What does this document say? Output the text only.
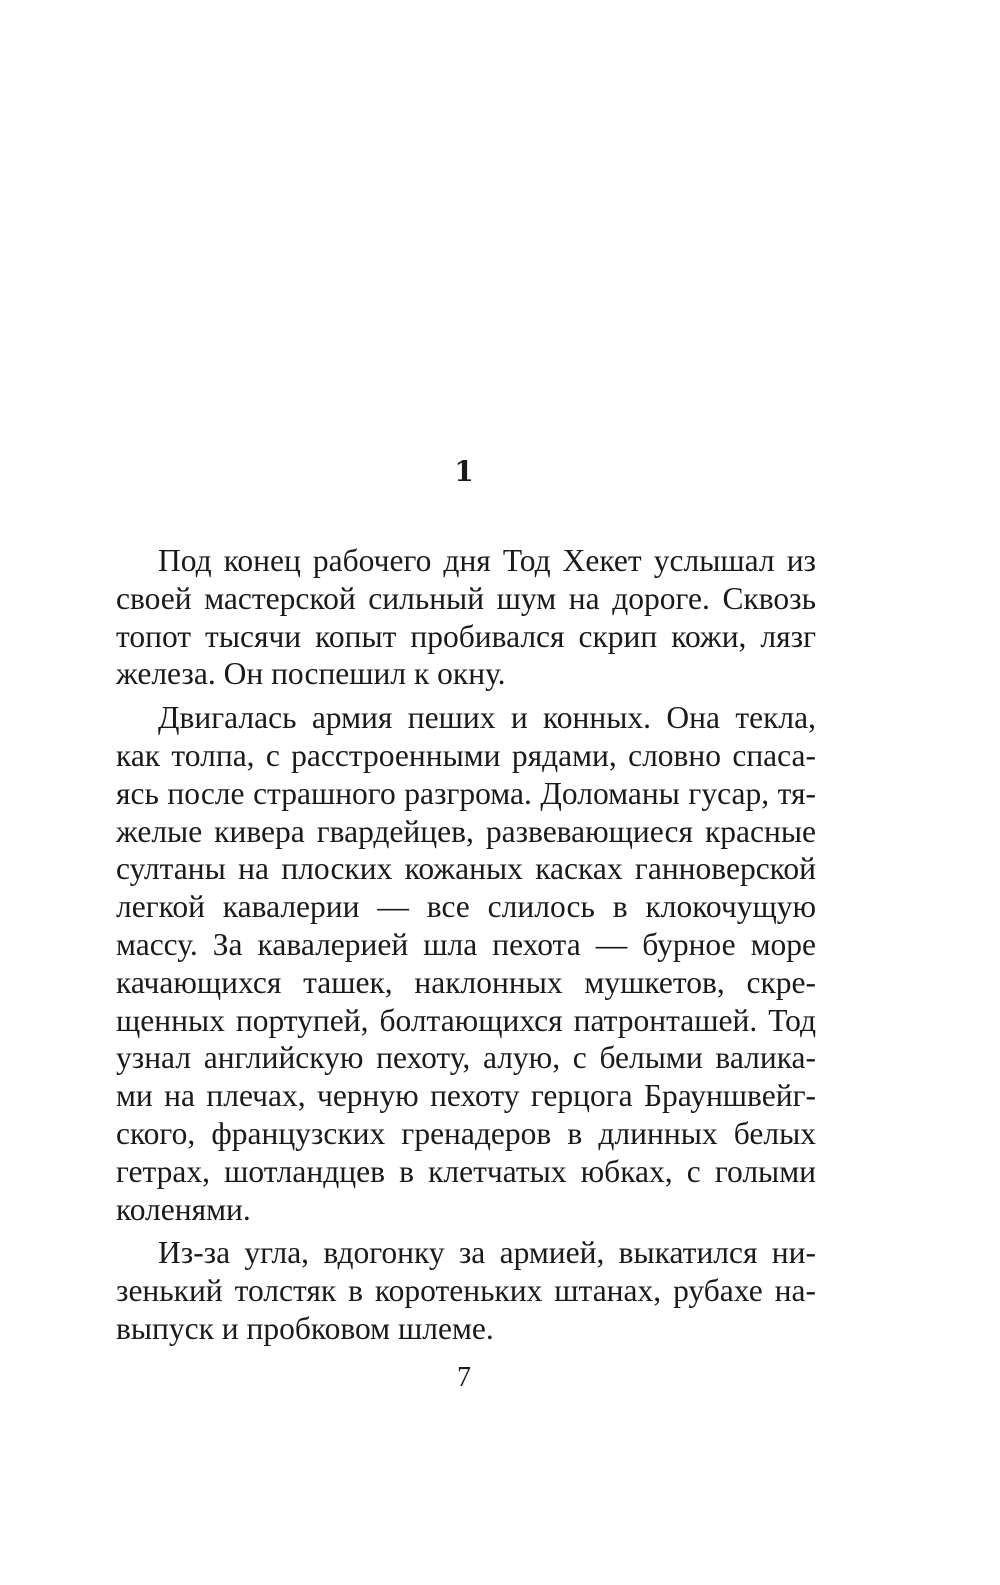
1
Под конец рабочего дня Тод Хекет услышал из
своей мастерской сильный шум на дороге. Сквозь
топот тысячи копыт пробивался скрип кожи, лязг
железа. Он поспешил к окну.
Двигалась армия пеших и конных. Она текла,
как толпа, с расстроенными рядами, словно спаса-
ясь после страшного разгрома. Доломаны гусар, тя-
желые кивера гвардейцев, развевающиеся красные
султаны на плоских кожаных касках ганноверской
легкой кавалерии — все слилось в клокочущую
массу. За кавалерией шла пехота — бурное море
качающихся ташек, наклонных мушкетов, скре-
щенных портупей, болтающихся патронташей. Тод
узнал английскую пехоту, алую, с белыми валика-
ми на плечах, черную пехоту герцога Брауншвейг-
ского, французских гренадеров в длинных белых
гетрах, шотландцев в клетчатых юбках, с голыми
коленями.
Из-за угла, вдогонку за армией, выкатился ни-
зенький толстяк в коротеньких штанах, рубахе на-
выпуск и пробковом шлеме.
7
